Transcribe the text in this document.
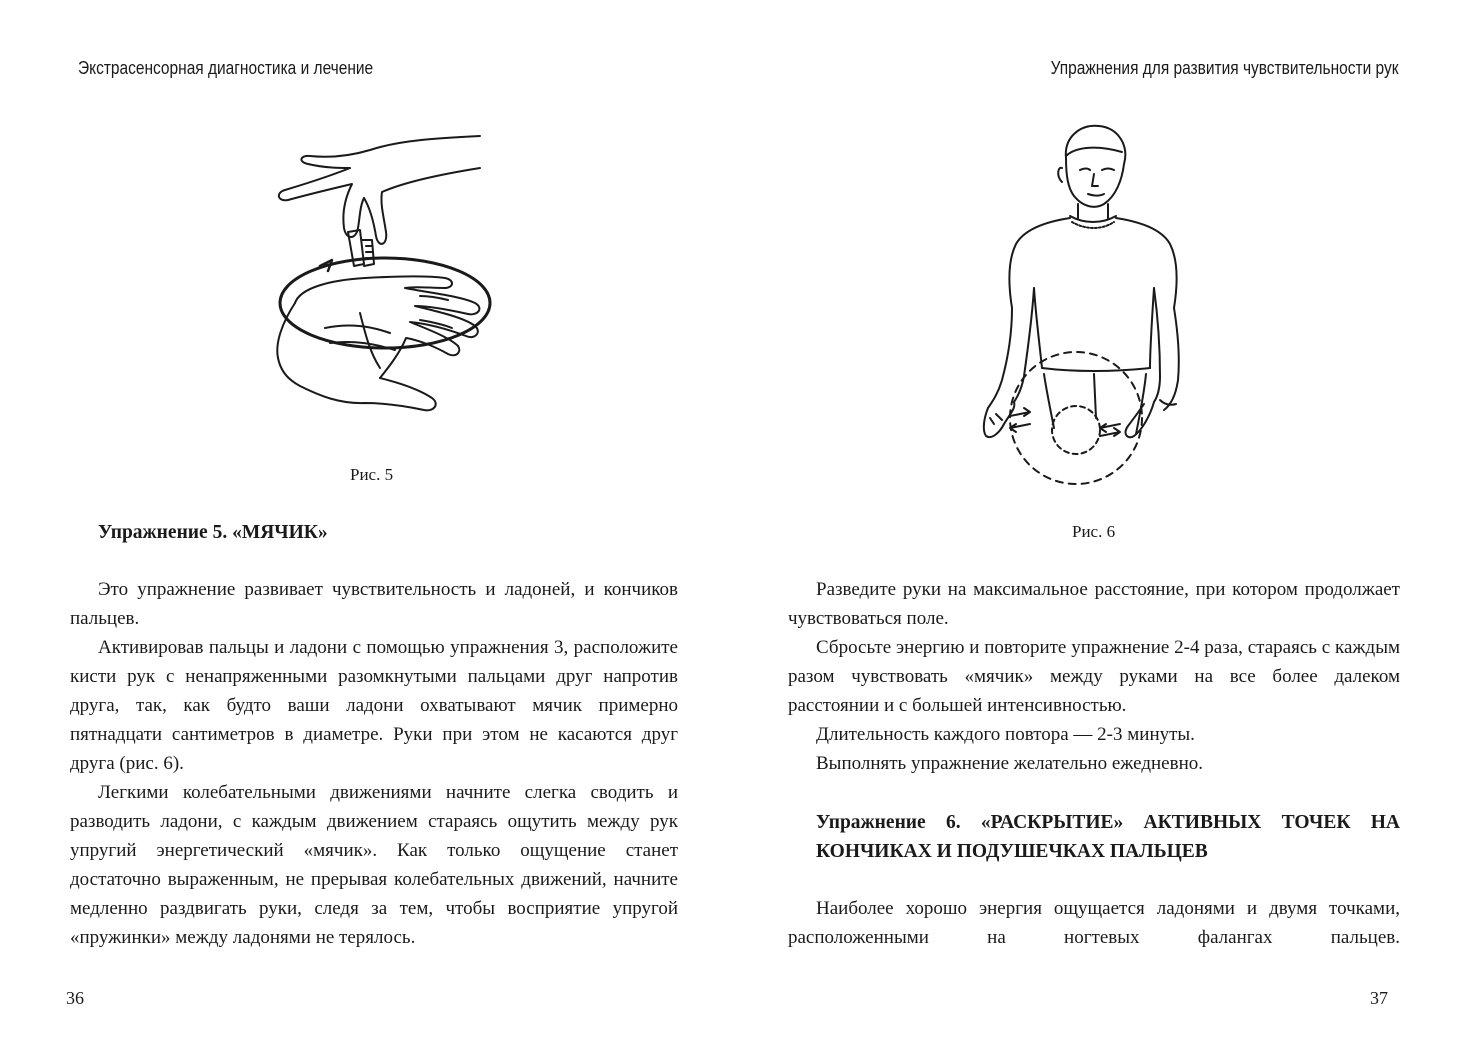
Экстрасенсорная диагностика и лечение
Рис. 5
Упражнение 5. «МЯЧИК»

Это упражнение развивает чувствительность и ладоней, и кончиков пальцев.

Активировав пальцы и ладони с помощью упражнения 3, расположите кисти рук с ненапряженными разомкнутыми пальцами друг напротив друга, так, как будто ваши ладони охватывают мячик примерно пятнадцати сантиметров в диаметре. Руки при этом не касаются друг друга (рис. 6).

Легкими колебательными движениями начните слегка сводить и разводить ладони, с каждым движением стараясь ощутить между рук упругий энергетический «мячик». Как только ощущение станет достаточно выраженным, не прерывая колебательных движений, начните медленно раздвигать руки, следя за тем, чтобы восприятие упругой «пружинки» между ладонями не терялось.

36
Упражнения для развития чувствительности рук
Рис. 6

Разведите руки на максимальное расстояние, при котором продолжает чувствоваться поле.

Сбросьте энергию и повторите упражнение 2-4 раза, стараясь с каждым разом чувствовать «мячик» между руками на все более далеком расстоянии и с большей интенсивностью.

Длительность каждого повтора — 2-3 минуты.

Выполнять упражнение желательно ежедневно.

Упражнение 6. «РАСКРЫТИЕ» АКТИВНЫХ ТОЧЕК НА КОНЧИКАХ И ПОДУШЕЧКАХ ПАЛЬЦЕВ

Наиболее хорошо энергия ощущается ладонями и двумя точками, расположенными на ногтевых фалангах пальцев.

37
